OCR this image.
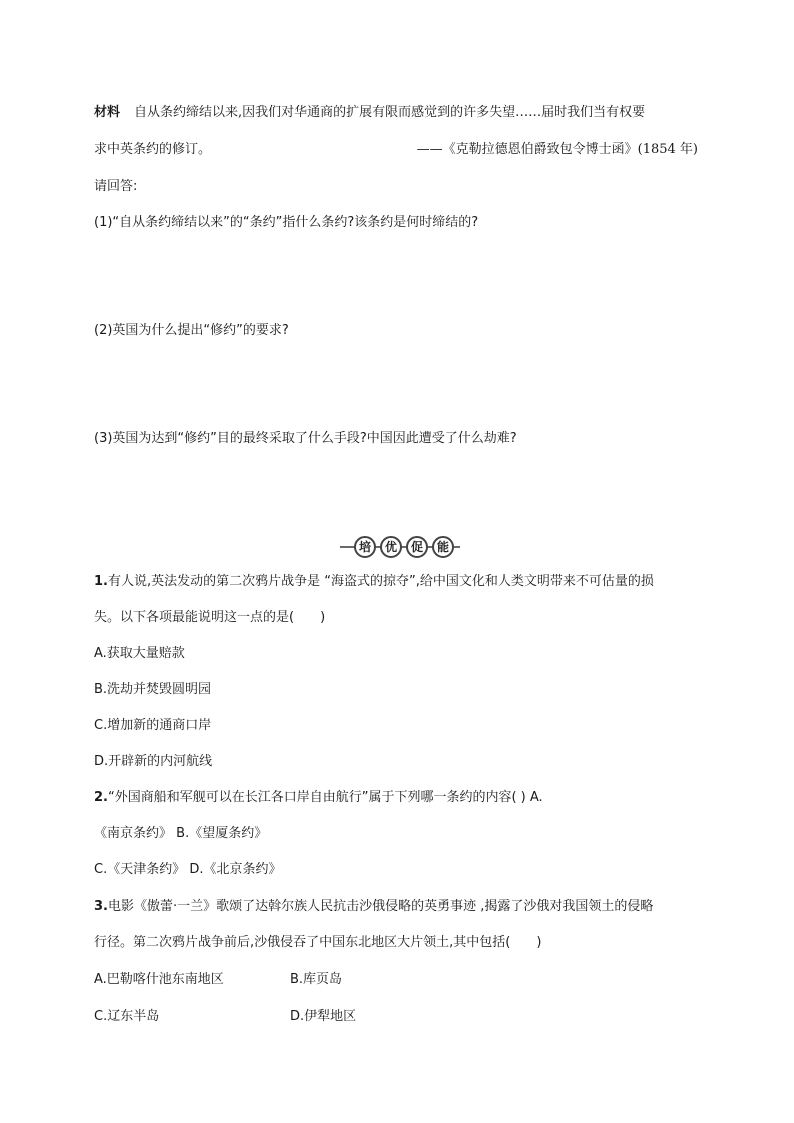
材料 自从条约缔结以来,因我们对华通商的扩展有限而感觉到的许多失望……届时我们当有权要
求中英条约的修订。	——《克勒拉德恩伯爵致包令博士函》(1854 年)
请回答:
(1)“自从条约缔结以来”的“条约”指什么条约?该条约是何时缔结的?
(2)英国为什么提出“修约”的要求?
(3)英国为达到“修约”目的最终采取了什么手段?中国因此遭受了什么劫难?
培	优	促	能
1.有人说,英法发动的第二次鸦片战争是 “海盗式的掠夺”,给中国文化和人类文明带来不可估量的损
失。以下各项最能说明这一点的是(　　)
A.获取大量赔款
B.洗劫并焚毁圆明园
C.增加新的通商口岸
D.开辟新的内河航线
2.“外国商船和军舰可以在长江各口岸自由航行”属于下列哪一条约的内容( ) A.
《南京条约》 B.《望厦条约》
C.《天津条约》 D.《北京条约》
3.电影《傲蕾·一兰》歌颂了达斡尔族人民抗击沙俄侵略的英勇事迹 ,揭露了沙俄对我国领土的侵略
行径。第二次鸦片战争前后,沙俄侵吞了中国东北地区大片领土,其中包括(　　)
A.巴勒喀什池东南地区	B.库页岛
C.辽东半岛	D.伊犁地区
